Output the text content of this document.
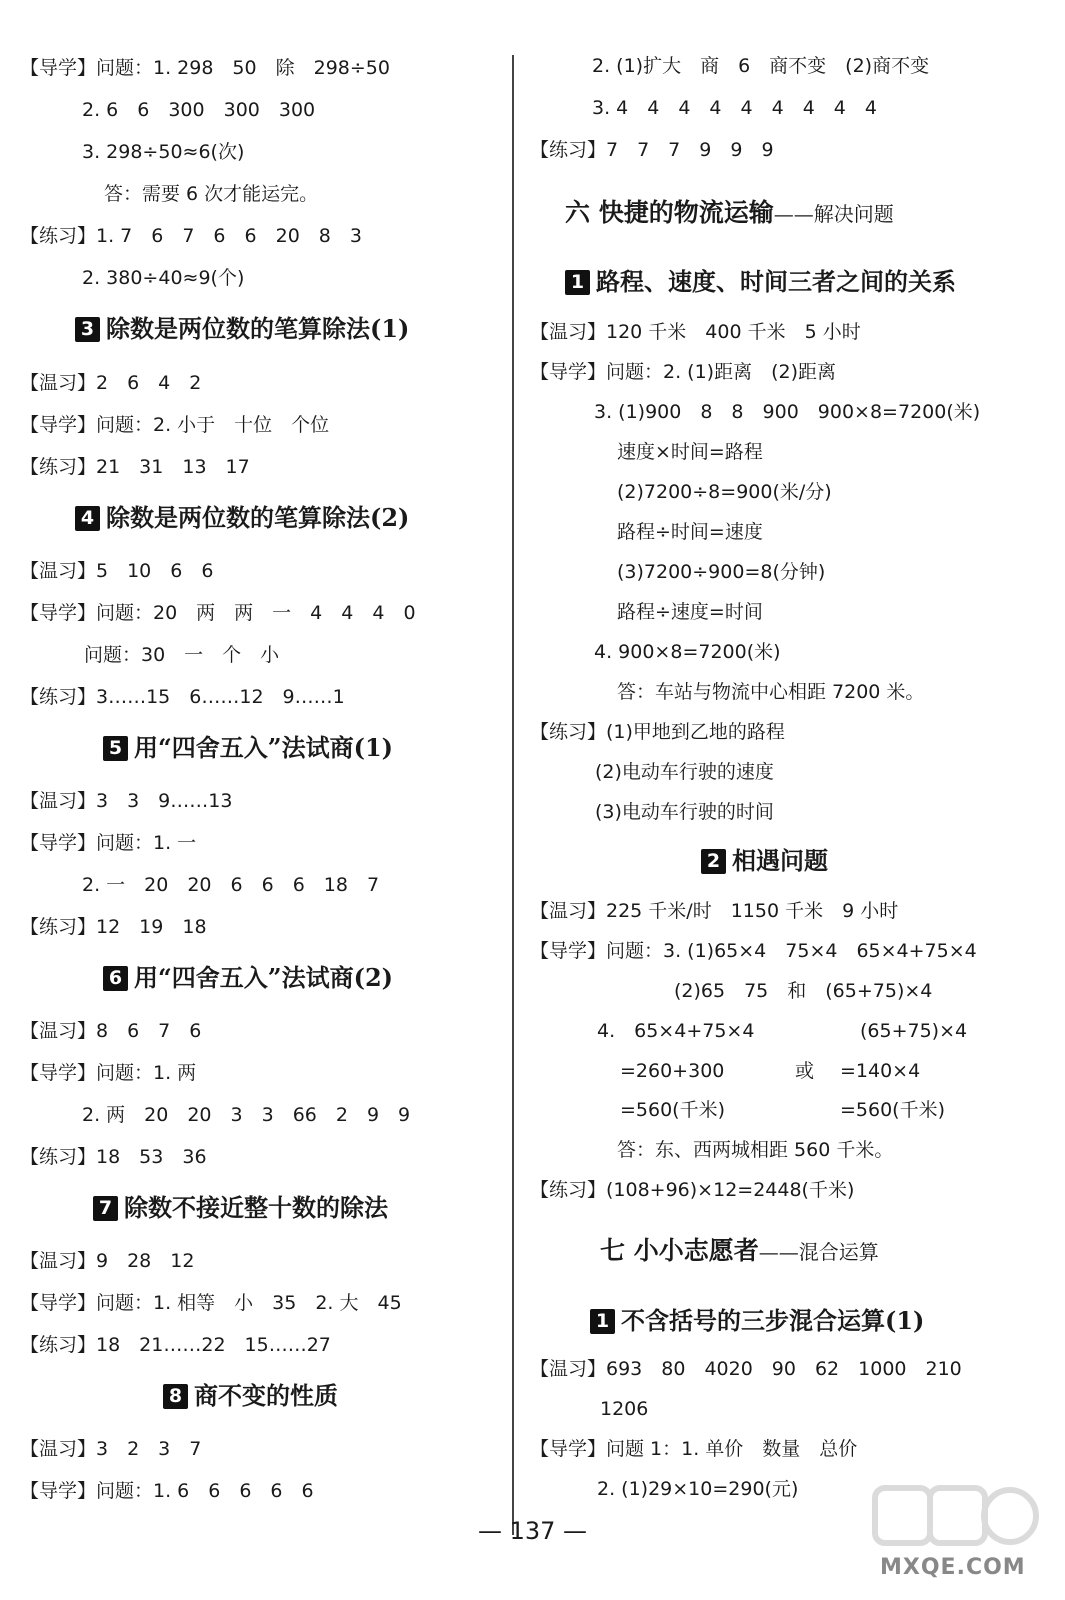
【导学】问题：1. 298　50　除　298÷50
2. 6　6　300　300　300
3. 298÷50≈6(次)
答：需要 6 次才能运完。
【练习】1. 7　6　7　6　6　20　8　3
2. 380÷40≈9(个)
3 除数是两位数的笔算除法(1)
【温习】2　6　4　2
【导学】问题：2. 小于　十位　个位
【练习】21　31　13　17
4 除数是两位数的笔算除法(2)
【温习】5　10　6　6
【导学】问题：20　两　两　一　4　4　4　0
问题：30　一　个　小
【练习】3……15　6……12　9……1
5 用“四舍五入”法试商(1)
【温习】3　3　9……13
【导学】问题：1. 一
2. 一　20　20　6　6　6　18　7
【练习】12　19　18
6 用“四舍五入”法试商(2)
【温习】8　6　7　6
【导学】问题：1. 两
2. 两　20　20　3　3　66　2　9　9
【练习】18　53　36
7 除数不接近整十数的除法
【温习】9　28　12
【导学】问题：1. 相等　小　35　2. 大　45
【练习】18　21……22　15……27
8 商不变的性质
【温习】3　2　3　7
【导学】问题：1. 6　6　6　6　6
2. (1)扩大　商　6　商不变　(2)商不变
3. 4　4　4　4　4　4　4　4　4
【练习】7　7　7　9　9　9
六 快捷的物流运输——解决问题
1 路程、速度、时间三者之间的关系
【温习】120 千米　400 千米　5 小时
【导学】问题：2. (1)距离　(2)距离
3. (1)900　8　8　900　900×8=7200(米)
速度×时间=路程
(2)7200÷8=900(米/分)
路程÷时间=速度
(3)7200÷900=8(分钟)
路程÷速度=时间
4. 900×8=7200(米)
答：车站与物流中心相距 7200 米。
【练习】(1)甲地到乙地的路程
(2)电动车行驶的速度
(3)电动车行驶的时间
2 相遇问题
【温习】225 千米/时　1150 千米　9 小时
【导学】问题：3. (1)65×4　75×4　65×4+75×4
(2)65　75　和　(65+75)×4
4.　65×4+75×4	(65+75)×4
=260+300	或 =140×4
=560(千米)	=560(千米)
答：东、西两城相距 560 千米。
【练习】(108+96)×12=2448(千米)
七 小小志愿者——混合运算
1 不含括号的三步混合运算(1)
【温习】693　80　4020　90　62　1000　210
1206
【导学】问题 1：1. 单价　数量　总价
2. (1)29×10=290(元)
— 137 —
MXQE.COM
